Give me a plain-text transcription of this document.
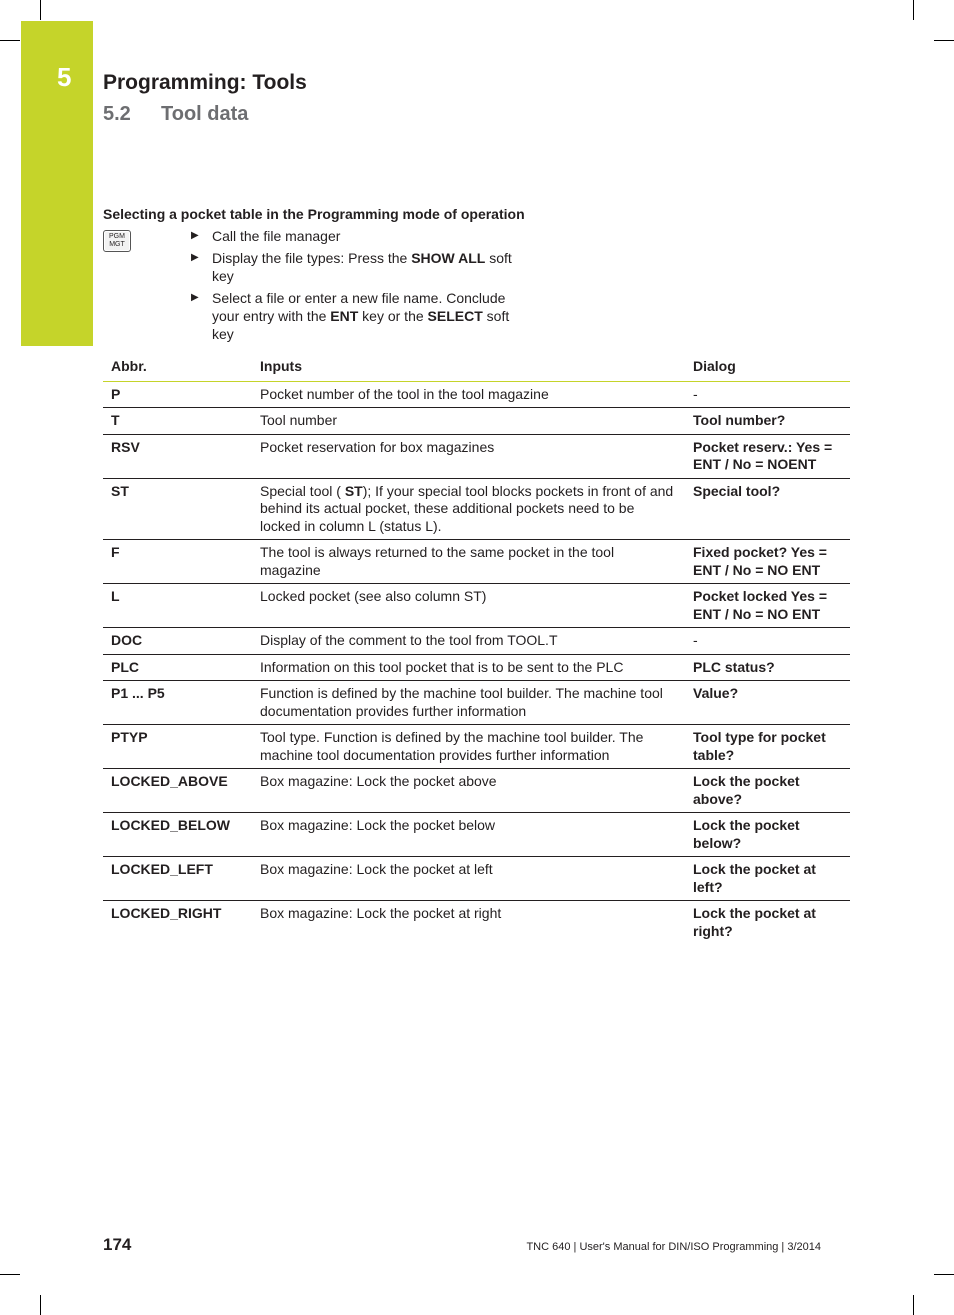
5 Programming: Tools
5.2 Tool data
Selecting a pocket table in the Programming mode of operation
PGM
MGT
▶ Call the file manager
▶ Display the file types: Press the SHOW ALL soft key
▶ Select a file or enter a new file name. Conclude your entry with the ENT key or the SELECT soft key
Abbr.	Inputs	Dialog
P	Pocket number of the tool in the tool magazine	-
T	Tool number	Tool number?
RSV	Pocket reservation for box magazines	Pocket reserv.: Yes = ENT / No = NOENT
ST	Special tool ( ST); If your special tool blocks pockets in front of and behind its actual pocket, these additional pockets need to be locked in column L (status L).	Special tool?
F	The tool is always returned to the same pocket in the tool magazine	Fixed pocket? Yes = ENT / No = NO ENT
L	Locked pocket (see also column ST)	Pocket locked Yes = ENT / No = NO ENT
DOC	Display of the comment to the tool from TOOL.T	-
PLC	Information on this tool pocket that is to be sent to the PLC	PLC status?
P1 ... P5	Function is defined by the machine tool builder. The machine tool documentation provides further information	Value?
PTYP	Tool type. Function is defined by the machine tool builder. The machine tool documentation provides further information	Tool type for pocket table?
LOCKED_ABOVE	Box magazine: Lock the pocket above	Lock the pocket above?
LOCKED_BELOW	Box magazine: Lock the pocket below	Lock the pocket below?
LOCKED_LEFT	Box magazine: Lock the pocket at left	Lock the pocket at left?
LOCKED_RIGHT	Box magazine: Lock the pocket at right	Lock the pocket at right?
174	TNC 640 | User's Manual for DIN/ISO Programming | 3/2014
